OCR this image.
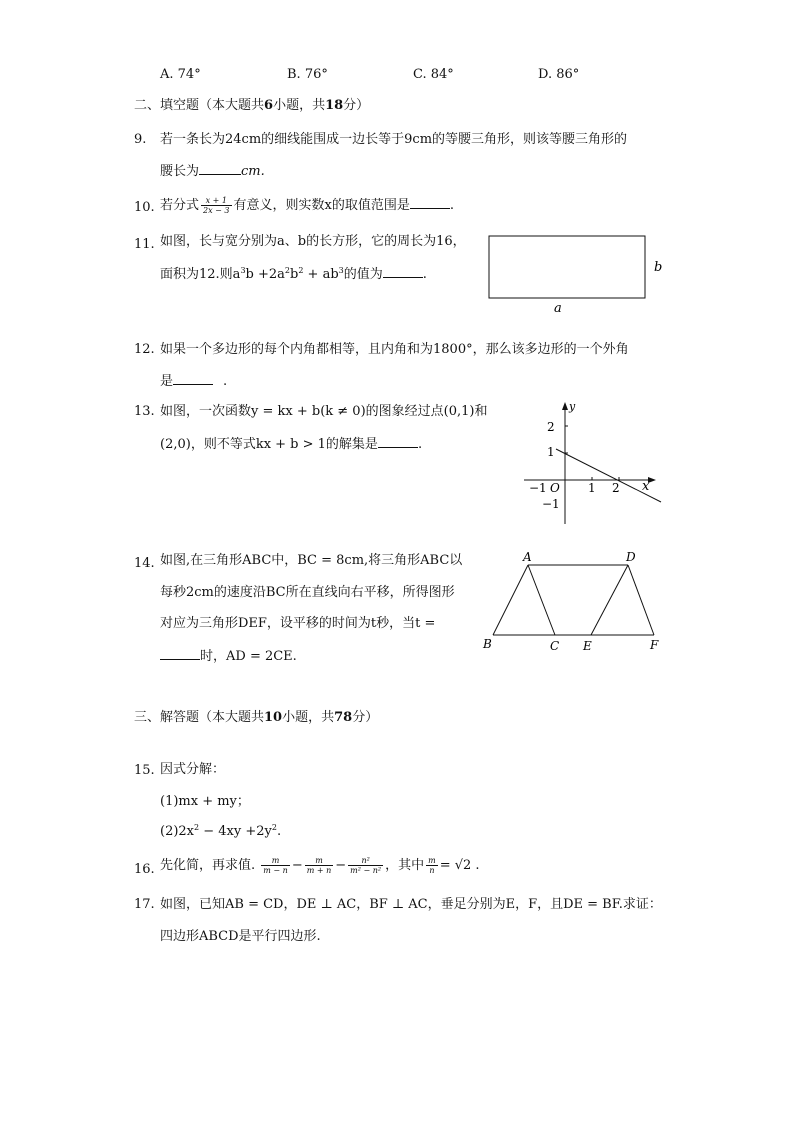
A. 74°	B. 76°	C. 84°	D. 86°
二、填空题（本大题共6小题，共18分）
9. 若一条长为24cm的细线能围成一边长等于9cm的等腰三角形，则该等腰三角形的
腰长为	cm.
10. 若分式 $\frac{x + 1}{2x - 3}$ 有意义，则实数x的取值范围是	.
11. 如图，长与宽分别为a、b的长方形，它的周长为16，
面积为12.则$a^3b +2a^2b^2 + ab^3$的值为	.	b
a
12. 如果一个多边形的每个内角都相等，且内角和为1800°，那么该多边形的一个外角
是	.
13. 如图，一次函数y = kx + b(k ≠ 0)的图象经过点(0,1)和
(2,0)，则不等式kx + b > 1的解集是	.
y
x
2
1
−1 O 1 2
−1
14. 如图,在三角形ABC中，BC = 8cm,将三角形ABC以
每秒2cm的速度沿BC所在直线向右平移，所得图形
对应为三角形DEF，设平移的时间为t秒，当t =
时，AD = 2CE.
A	D
B	C E	F
三、解答题（本大题共10小题，共78分）
15. 因式分解：
(1)mx + my；
$(2)2x^2 - 4xy +2y^2$.
16. 先化简，再求值. $\frac{m}{m - n} - \frac{m}{m + n} - \frac{\text{n²}}{\text{m² − n²}}$ ，其中 $\frac{m}{n} = √2$ .
17. 如图，已知AB = CD，DE ⊥ AC，BF ⊥ AC，垂足分别为E，F，且DE = BF.求证：
四边形ABCD是平行四边形.
